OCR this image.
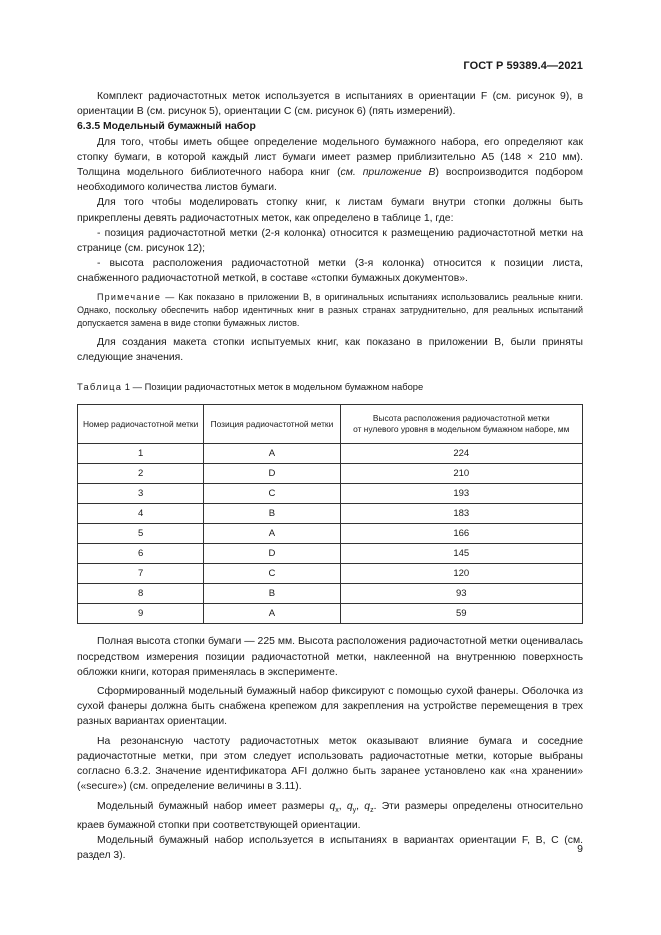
ГОСТ Р 59389.4—2021

Комплект радиочастотных меток используется в испытаниях в ориентации F (см. рисунок 9), в ориентации B (см. рисунок 5), ориентации C (см. рисунок 6) (пять измерений).

6.3.5 Модельный бумажный набор

Для того, чтобы иметь общее определение модельного бумажного набора, его определяют как стопку бумаги, в которой каждый лист бумаги имеет размер приблизительно A5 (148 × 210 мм). Толщина модельного библиотечного набора книг (см. приложение B) воспроизводится подбором необходимого количества листов бумаги.

Для того чтобы моделировать стопку книг, к листам бумаги внутри стопки должны быть прикреплены девять радиочастотных меток, как определено в таблице 1, где:

- позиция радиочастотной метки (2-я колонка) относится к размещению радиочастотной метки на странице (см. рисунок 12);

- высота расположения радиочастотной метки (3-я колонка) относится к позиции листа, снабженного радиочастотной меткой, в составе «стопки бумажных документов».

Примечание — Как показано в приложении B, в оригинальных испытаниях использовались реальные книги. Однако, поскольку обеспечить набор идентичных книг в разных странах затруднительно, для реальных испытаний допускается замена в виде стопки бумажных листов.

Для создания макета стопки испытуемых книг, как показано в приложении B, были приняты следующие значения.

Таблица 1 — Позиции радиочастотных меток в модельном бумажном наборе

Номер радиочастотной метки	Позиция радиочастотной метки	Высота расположения радиочастотной метки
от нулевого уровня в модельном бумажном наборе, мм
1	A	224
2	D	210
3	C	193
4	B	183
5	A	166
6	D	145
7	C	120
8	B	93
9	A	59

Полная высота стопки бумаги — 225 мм. Высота расположения радиочастотной метки оценивалась посредством измерения позиции радиочастотной метки, наклеенной на внутреннюю поверхность обложки книги, которая применялась в эксперименте.

Сформированный модельный бумажный набор фиксируют с помощью сухой фанеры. Оболочка из сухой фанеры должна быть снабжена крепежом для закрепления на устройстве перемещения в трех разных вариантах ориентации.

На резонансную частоту радиочастотных меток оказывают влияние бумага и соседние радиочастотные метки, при этом следует использовать радиочастотные метки, которые выбраны согласно 6.3.2. Значение идентификатора AFI должно быть заранее установлено как «на хранении» («secure») (см. определение величины в 3.11).

Модельный бумажный набор имеет размеры $q_x$, $q_y$, $q_z$. Эти размеры определены относительно краев бумажной стопки при соответствующей ориентации.

Модельный бумажный набор используется в испытаниях в вариантах ориентации F, B, C (см. раздел 3).

9
